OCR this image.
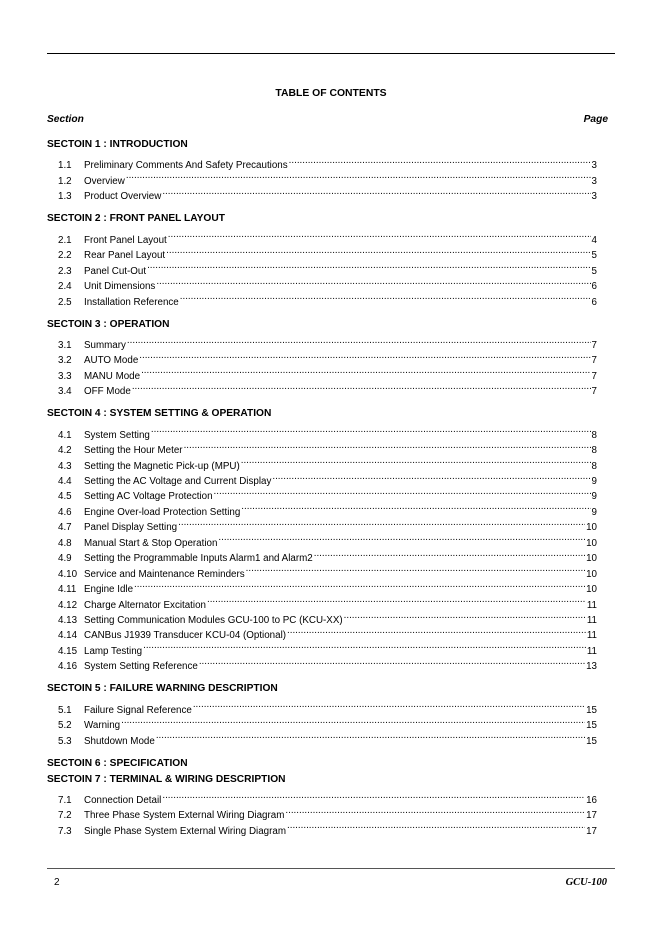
TABLE OF CONTENTS
Section	Page
SECTOIN 1 : INTRODUCTION
1.1	Preliminary Comments And Safety Precautions .....	3
1.2	Overview .....	3
1.3	Product Overview .....	3
SECTOIN 2 : FRONT PANEL LAYOUT
2.1	Front Panel Layout .....	4
2.2	Rear Panel Layout .....	5
2.3	Panel Cut-Out .....	5
2.4	Unit Dimensions .....	6
2.5	Installation Reference .....	6
SECTOIN 3 : OPERATION
3.1	Summary .....	7
3.2	AUTO Mode .....	7
3.3	MANU Mode .....	7
3.4	OFF Mode .....	7
SECTOIN 4 : SYSTEM SETTING & OPERATION
4.1	System Setting .....	8
4.2	Setting the Hour Meter .....	8
4.3	Setting the Magnetic Pick-up (MPU) .....	8
4.4	Setting the AC Voltage and Current Display .....	9
4.5	Setting AC Voltage Protection .....	9
4.6	Engine Over-load Protection Setting .....	9
4.7	Panel Display Setting .....	10
4.8	Manual Start & Stop Operation .....	10
4.9	Setting the Programmable Inputs Alarm1 and Alarm2 .....	10
4.10 Service and Maintenance Reminders .....	10
4.11 Engine Idle .....	10
4.12 Charge Alternator Excitation .....	11
4.13 Setting Communication Modules GCU-100 to PC (KCU-XX) .....	11
4.14 CANBus J1939 Transducer KCU-04 (Optional) .....	11
4.15 Lamp Testing .....	11
4.16 System Setting Reference .....	13
SECTOIN 5 : FAILURE WARNING DESCRIPTION
5.1	Failure Signal Reference .....	15
5.2	Warning .....	15
5.3	Shutdown Mode .....	15
SECTOIN 6 : SPECIFICATION
SECTOIN 7 : TERMINAL & WIRING DESCRIPTION
7.1	Connection Detail .....	16
7.2	Three Phase System External Wiring Diagram .....	17
7.3	Single Phase System External Wiring Diagram .....	17
2	GCU-100
